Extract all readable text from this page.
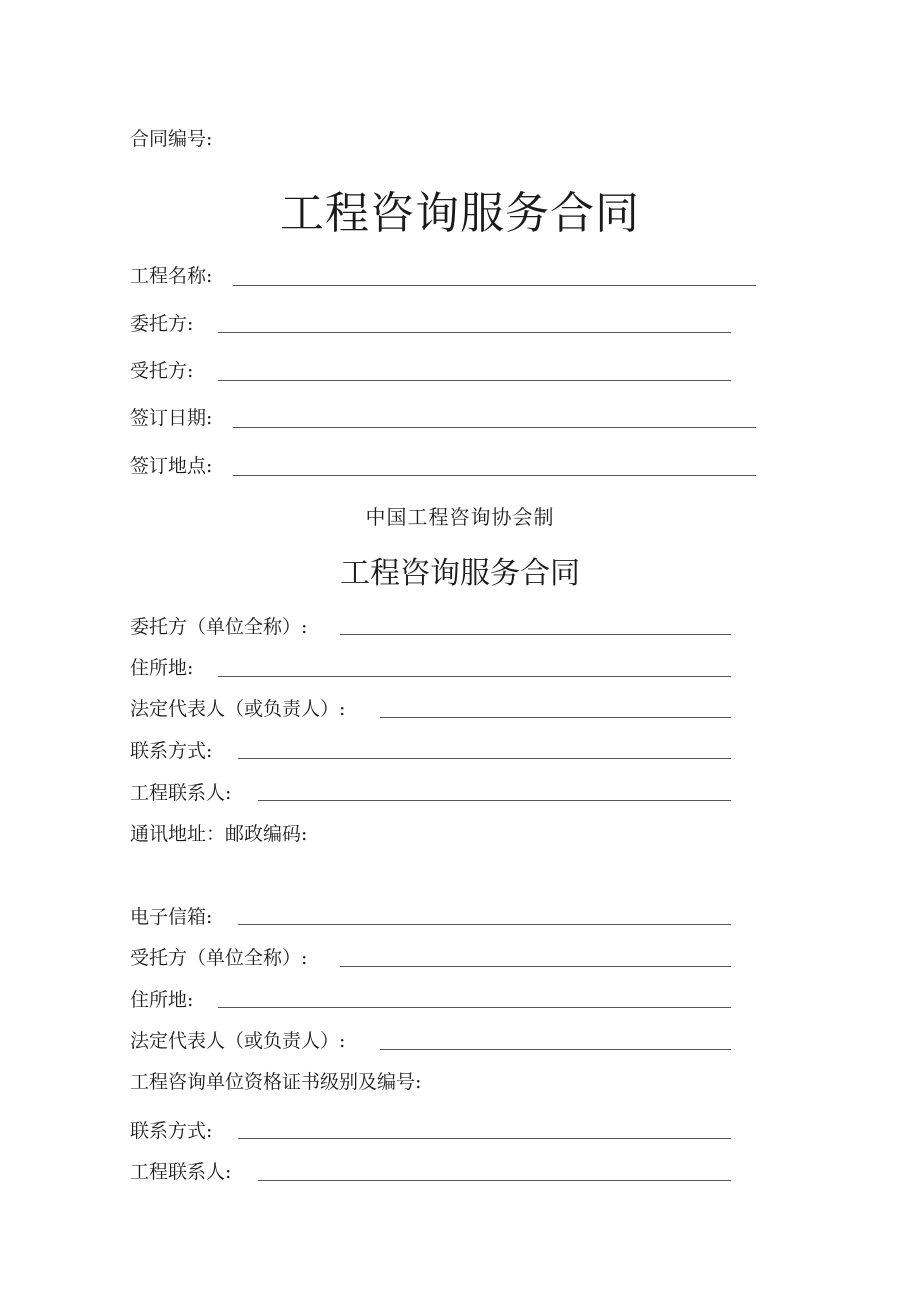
合同编号:
工程咨询服务合同
工程名称:
委托方:
受托方:
签订日期:
签订地点:
中国工程咨询协会制
工程咨询服务合同
委托方（单位全称）:
住所地:
法定代表人（或负责人）:
联系方式:
工程联系人:
通讯地址：邮政编码:
电子信箱:
受托方（单位全称）:
住所地:
法定代表人（或负责人）:
工程咨询单位资格证书级别及编号:
联系方式:
工程联系人:
